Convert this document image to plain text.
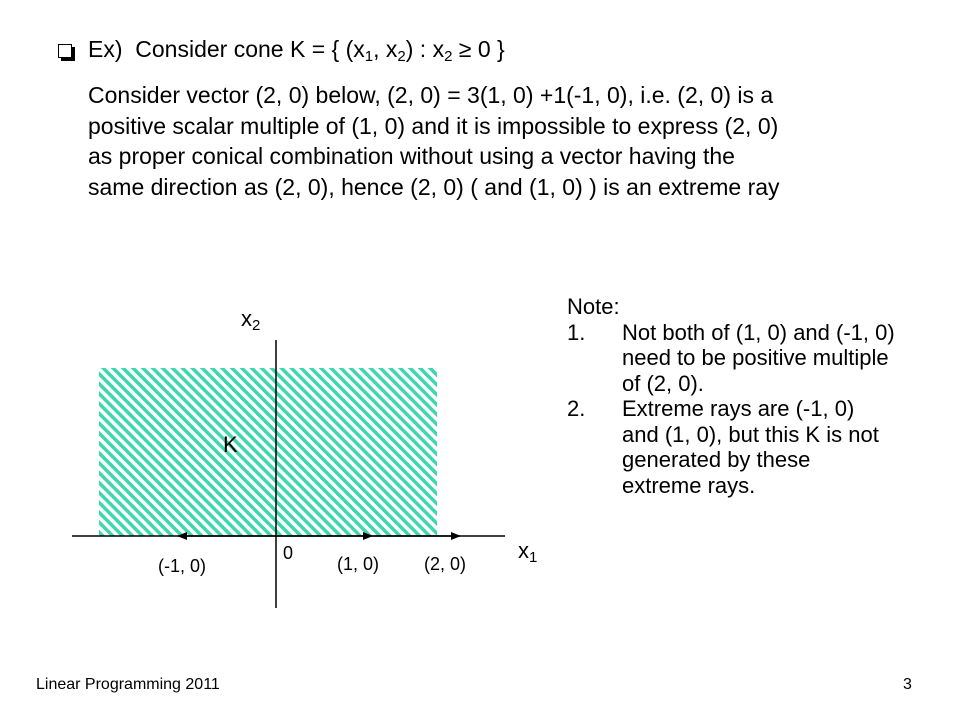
Ex) Consider cone K = { ($x_1$, $x_2$) : $x_2 \ge 0$ }
Consider vector (2, 0) below, (2, 0) = 3(1, 0) +1(-1, 0), i.e. (2, 0) is a
positive scalar multiple of (1, 0) and it is impossible to express (2, 0)
as proper conical combination without using a vector having the
same direction as (2, 0), hence (2, 0) ( and (1, 0) ) is an extreme ray
$x_2$
$x_1$
K
0
(-1, 0)	(1, 0) (2, 0)
Note:
1. Not both of (1, 0) and (-1, 0)
need to be positive multiple
of (2, 0).
2. Extreme rays are (-1, 0)
and (1, 0), but this K is not
generated by these
extreme rays.
Linear Programming 2011	3
